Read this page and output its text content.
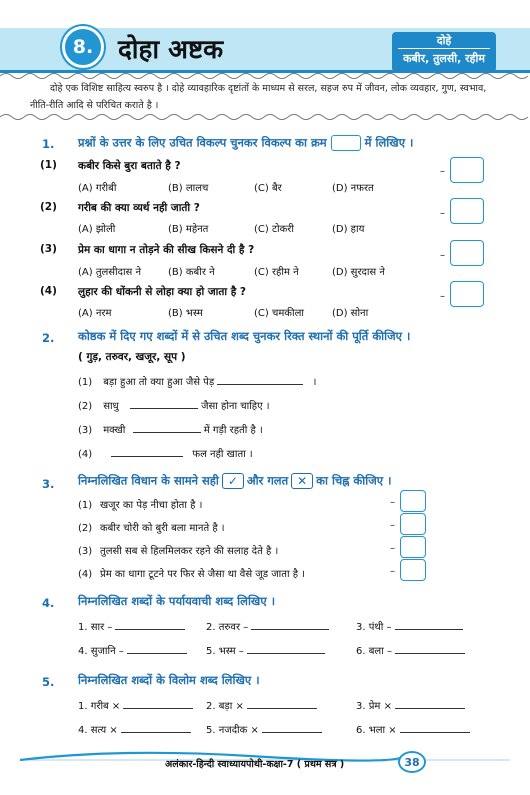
8. दोहा अष्टक	दोहे
कबीर, तुलसी, रहीम
दोहे एक विशिष्ट साहित्य स्वरुप है । दोहे व्यावहारिक दृष्टांतों के माध्यम से सरल, सहज रुप में जीवन, लोक व्यवहार, गुण, स्वभाव, नीति-रीति आदि से परिचित कराते है ।
1. प्रश्नों के उत्तर के लिए उचित विकल्प चुनकर विकल्प का क्रम	में लिखिए ।
(1) कबीर किसे बुरा बताते है ?
(A) गरीबी	(B) लालच	(C) बैर	(D) नफरत
–
(2) गरीब की क्या व्यर्थ नही जाती ?
(A) झोली	(B) महेनत	(C) टोकरी	(D) हाय
–
(3) प्रेम का धागा न तोड़ने की सीख किसने दी है ?
(A) तुलसीदास ने	(B) कबीर ने	(C) रहीम ने	(D) सुरदास ने
–
(4) लुहार की धोंकनी से लोहा क्या हो जाता है ?
(A) नरम	(B) भस्म	(C) चमकीला	(D) सोना
–
2. कोष्ठक में दिए गए शब्दों में से उचित शब्द चुनकर रिक्त स्थानों की पूर्ति कीजिए ।
( गुड़, तरुवर, खजूर, सूप )
(1) बड़ा हुआ तो क्या हुआ जैसे पेड़	।
(2) साधु	जैसा होना चाहिए ।
(3) मक्खी	में गड़ी रहती है ।
(4)	फल नही खाता ।
3. निम्नलिखित विधान के सामने सही ✓ और गलत ✕ का चिह्न कीजिए ।
(1) खजूर का पेड़ नीचा होता है ।	–
(2) कबीर चोरी को बुरी बला मानते है ।	–
(3) तुलसी सब से हिलमिलकर रहने की सलाह देते है ।	–
(4) प्रेम का धागा टूटने पर फिर से जैसा था वैसे जूड जाता है ।	–
4. निम्नलिखित शब्दों के पर्यायवाची शब्द लिखिए ।
1. सार –	2. तरुवर –	3. पंथी –
4. सुजानि –	5. भस्म –	6. बला –
5. निम्नलिखित शब्दों के विलोम शब्द लिखिए ।
1. गरीब ×	2. बड़ा ×	3. प्रेम ×
4. सत्य ×	5. नजदीक ×	6. भला ×
अलंकार-हिन्दी स्वाध्यायपोथी-कक्षा-7 ( प्रथम सत्र )	38
